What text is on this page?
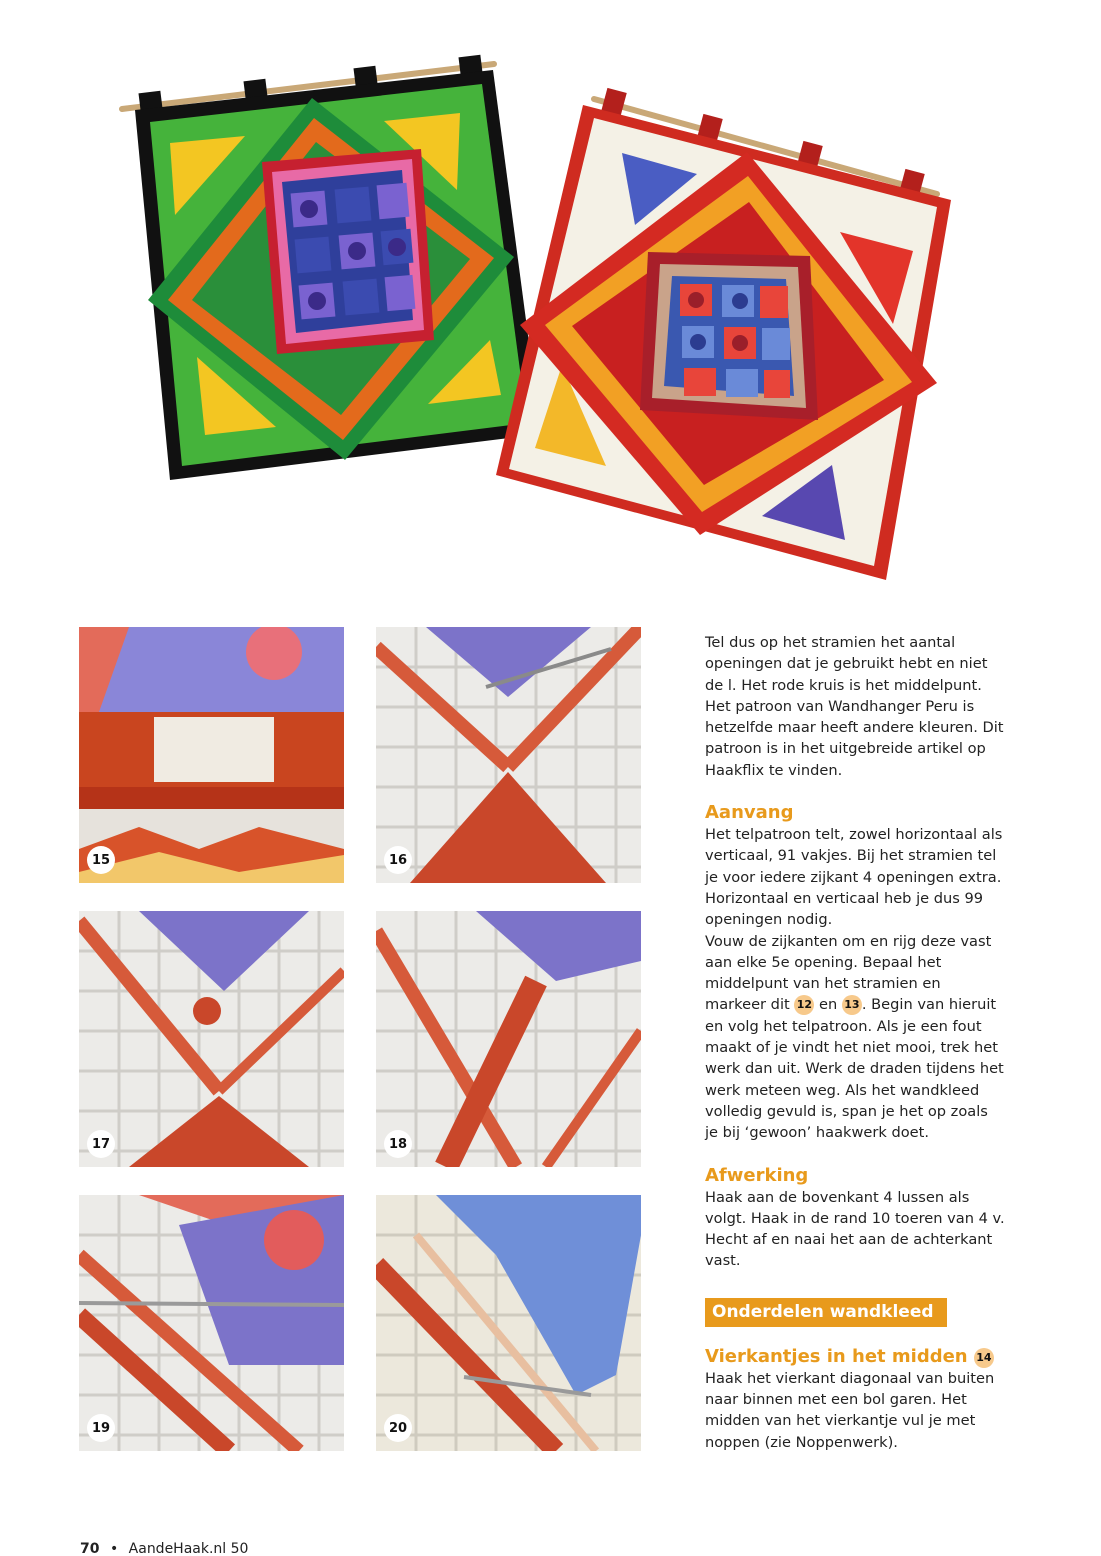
15	16
17	18
19	20

Tel dus op het stramien het aantal openingen dat je gebruikt hebt en niet de l. Het rode kruis is het middelpunt. Het patroon van Wandhanger Peru is hetzelfde maar heeft andere kleuren. Dit patroon is in het uitgebreide artikel op Haakflix te vinden.

Aanvang

Het telpatroon telt, zowel horizontaal als verticaal, 91 vakjes. Bij het stramien tel je voor iedere zijkant 4 openingen extra. Horizontaal en verticaal heb je dus 99 openingen nodig.

Vouw de zijkanten om en rijg deze vast aan elke 5e opening. Bepaal het middelpunt van het stramien en markeer dit 12 en 13 . Begin van hieruit en volg het telpatroon. Als je een fout maakt of je vindt het niet mooi, trek het werk dan uit. Werk de draden tijdens het werk meteen weg. Als het wandkleed volledig gevuld is, span je het op zoals je bij ‘gewoon’ haakwerk doet.

Afwerking

Haak aan de bovenkant 4 lussen als volgt. Haak in de rand 10 toeren van 4 v. Hecht af en naai het aan de achterkant vast.

Onderdelen wandkleed
Vierkantjes in het midden 14

Haak het vierkant diagonaal van buiten naar binnen met een bol garen. Het midden van het vierkantje vul je met noppen (zie Noppenwerk).

70 • AandeHaak.nl 50
